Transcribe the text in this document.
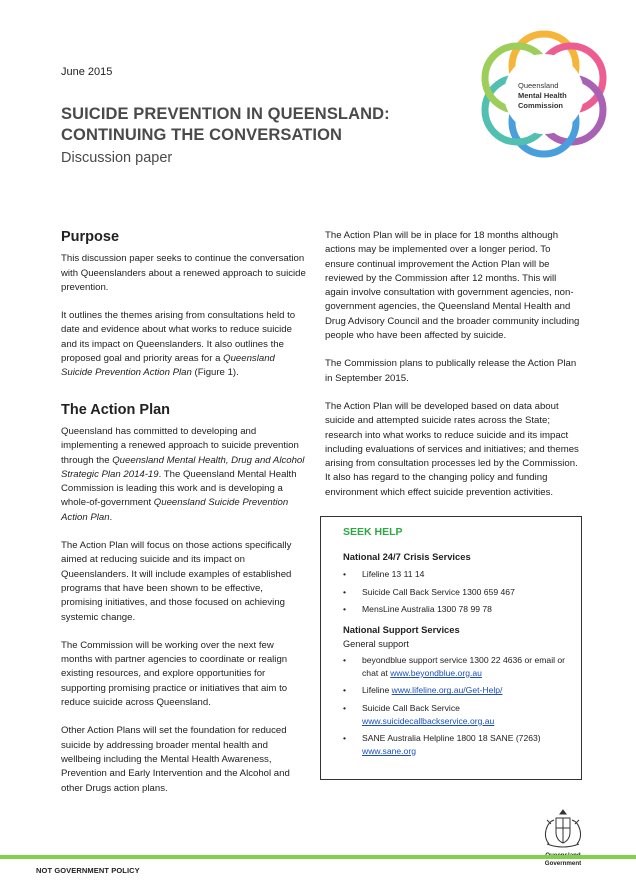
June 2015
SUICIDE PREVENTION IN QUEENSLAND:
CONTINUING THE CONVERSATION
Discussion paper
Queensland
Mental Health
Commission
Purpose

This discussion paper seeks to continue the conversation with Queenslanders about a renewed approach to suicide prevention.

It outlines the themes arising from consultations held to date and evidence about what works to reduce suicide and its impact on Queenslanders. It also outlines the proposed goal and priority areas for a Queensland Suicide Prevention Action Plan (Figure 1).

The Action Plan

Queensland has committed to developing and implementing a renewed approach to suicide prevention through the Queensland Mental Health, Drug and Alcohol Strategic Plan 2014-19. The Queensland Mental Health Commission is leading this work and is developing a whole-of-government Queensland Suicide Prevention Action Plan.

The Action Plan will focus on those actions specifically aimed at reducing suicide and its impact on Queenslanders. It will include examples of established programs that have been shown to be effective, promising initiatives, and those focused on achieving systemic change.

The Commission will be working over the next few months with partner agencies to coordinate or realign existing resources, and explore opportunities for supporting promising practice or initiatives that aim to reduce suicide across Queensland.

Other Action Plans will set the foundation for reduced suicide by addressing broader mental health and wellbeing including the Mental Health Awareness, Prevention and Early Intervention and the Alcohol and other Drugs action plans.

The Action Plan will be in place for 18 months although actions may be implemented over a longer period. To ensure continual improvement the Action Plan will be reviewed by the Commission after 12 months. This will again involve consultation with government agencies, non-government agencies, the Queensland Mental Health and Drug Advisory Council and the broader community including people who have been affected by suicide.

The Commission plans to publically release the Action Plan in September 2015.

The Action Plan will be developed based on data about suicide and attempted suicide rates across the State; research into what works to reduce suicide and its impact including evaluations of services and initiatives; and themes arising from consultation processes led by the Commission. It also has regard to the changing policy and funding environment which effect suicide prevention activities.

SEEK HELP
National 24/7 Crisis Services
• Lifeline 13 11 14
• Suicide Call Back Service 1300 659 467
• MensLine Australia 1300 78 99 78
National Support Services
General support
• beyondblue support service 1300 22 4636 or email or chat at www.beyondblue.org.au
• Lifeline www.lifeline.org.au/Get-Help/
• Suicide Call Back Service
www.suicidecallbackservice.org.au
• SANE Australia Helpline 1800 18 SANE (7263)
www.sane.org
Government
NOT GOVERNMENT POLICY
